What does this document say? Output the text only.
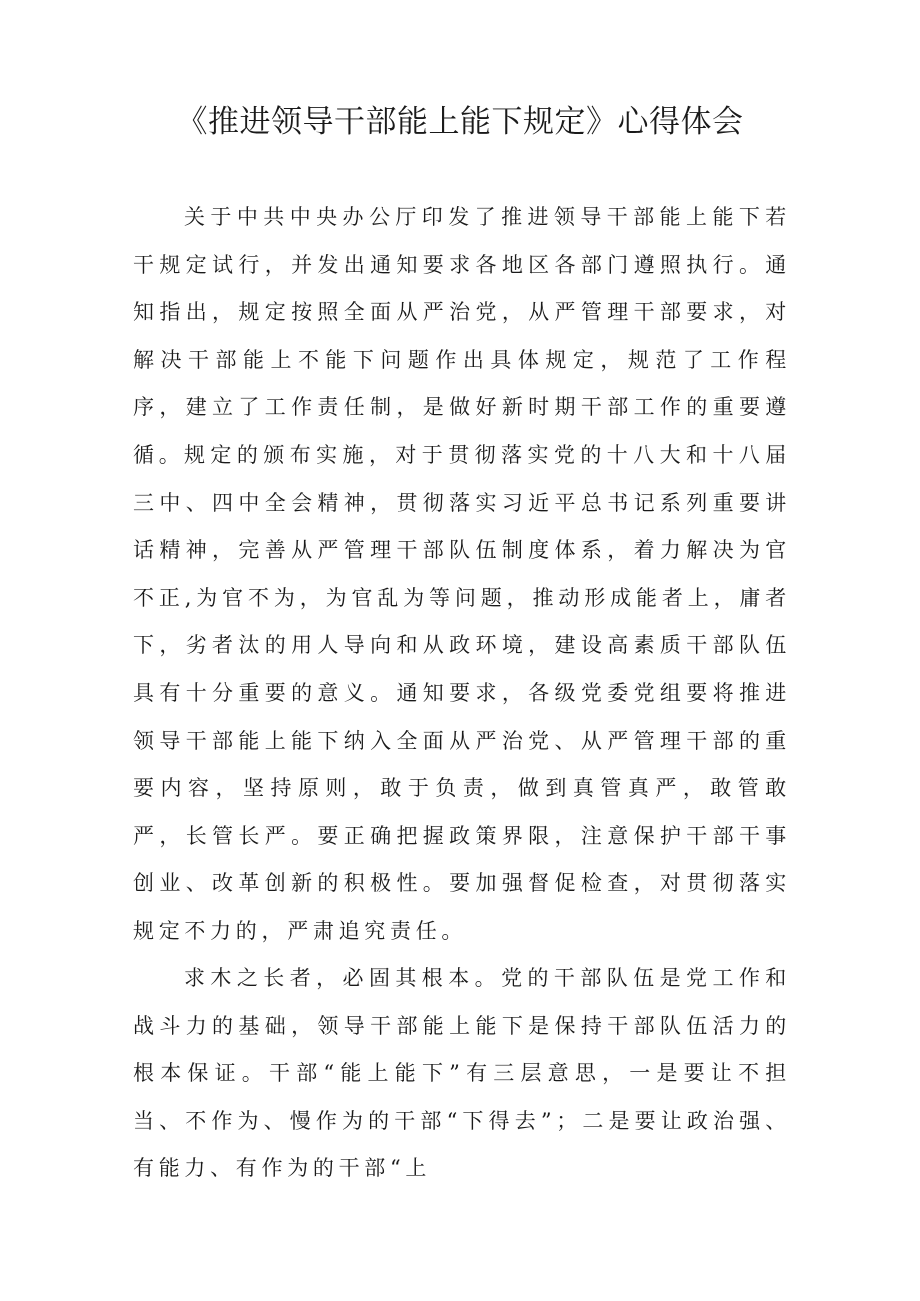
《推进领导干部能上能下规定》心得体会

关于中共中央办公厅印发了推进领导干部能上能下若干规定试行，并发出通知要求各地区各部门遵照执行。通知指出，规定按照全面从严治党，从严管理干部要求，对解决干部能上不能下问题作出具体规定，规范了工作程序，建立了工作责任制，是做好新时期干部工作的重要遵循。 规定的颁布实施，对于贯彻落实党的十八大和十八届三中、四中全会精神，贯彻落实习近平总书记系列重要讲话精神，完善从严管理干部队伍制度体系，着力解决为官不正,为官不为，为官乱为等问题，推动形成能者上，庸者下，劣者汰的用人导向和从政环境，建设高素质干部队伍具有十分重要的意义。通知要求，各级党委党组要将推进领导干部能上能下纳入全面从严治党、从严管理干部的重要内容，坚持原则，敢于负责，做到真管真严，敢管敢严，长管长严。要正确把握政策界限，注意保护干部干事创业、改革创新的积极性。要加强督促检查，对贯彻落实规定不力的，严肃追究责任。

求木之长者，必固其根本。党的干部队伍是党工作和战斗力的基础，领导干部能上能下是保持干部队伍活力的根本保证。干部“能上能下”有三层意思，一是要让不担当、不作为、慢作为的干部“下得去”；二是要让政治强、有能力、有作为的干部“上
